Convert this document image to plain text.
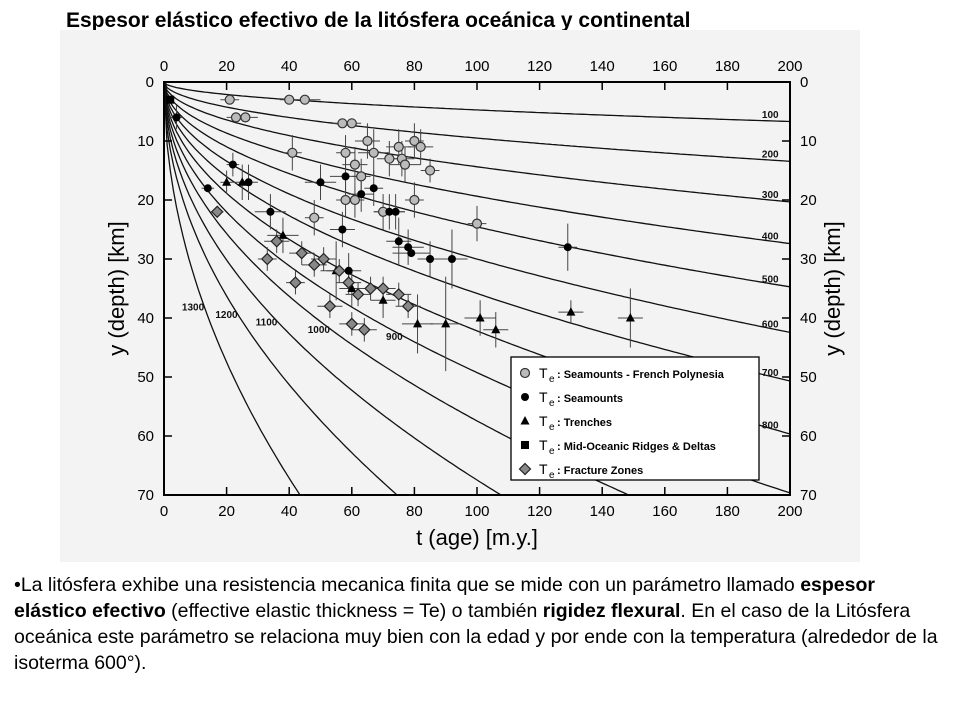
Espesor elástico efectivo de la litósfera oceánica y continental
100
200
300
400
500
600
700
800
900
1000
1100
1200
1300
0
0
20
20
40
40
60
60
80
80
100
100
120
120
140
140
160
160
180
180
200
200
0	0
10	10
20	20
30	30
40	40
50	50
60	60
70	70
t (age) [m.y.]
y (depth) [km]	y (depth) [km]
T e : Seamounts - French Polynesia
T e : Seamounts
T e : Trenches
T e : Mid-Oceanic Ridges & Deltas
T e : Fracture Zones
•La litósfera exhibe una resistencia mecanica finita que se mide con un parámetro llamado espesor elástico efectivo (effective elastic thickness = Te) o también rigidez flexural. En el caso de la Litósfera oceánica este parámetro se relaciona muy bien con la edad y por ende con la temperatura (alrededor de la isoterma 600°).
